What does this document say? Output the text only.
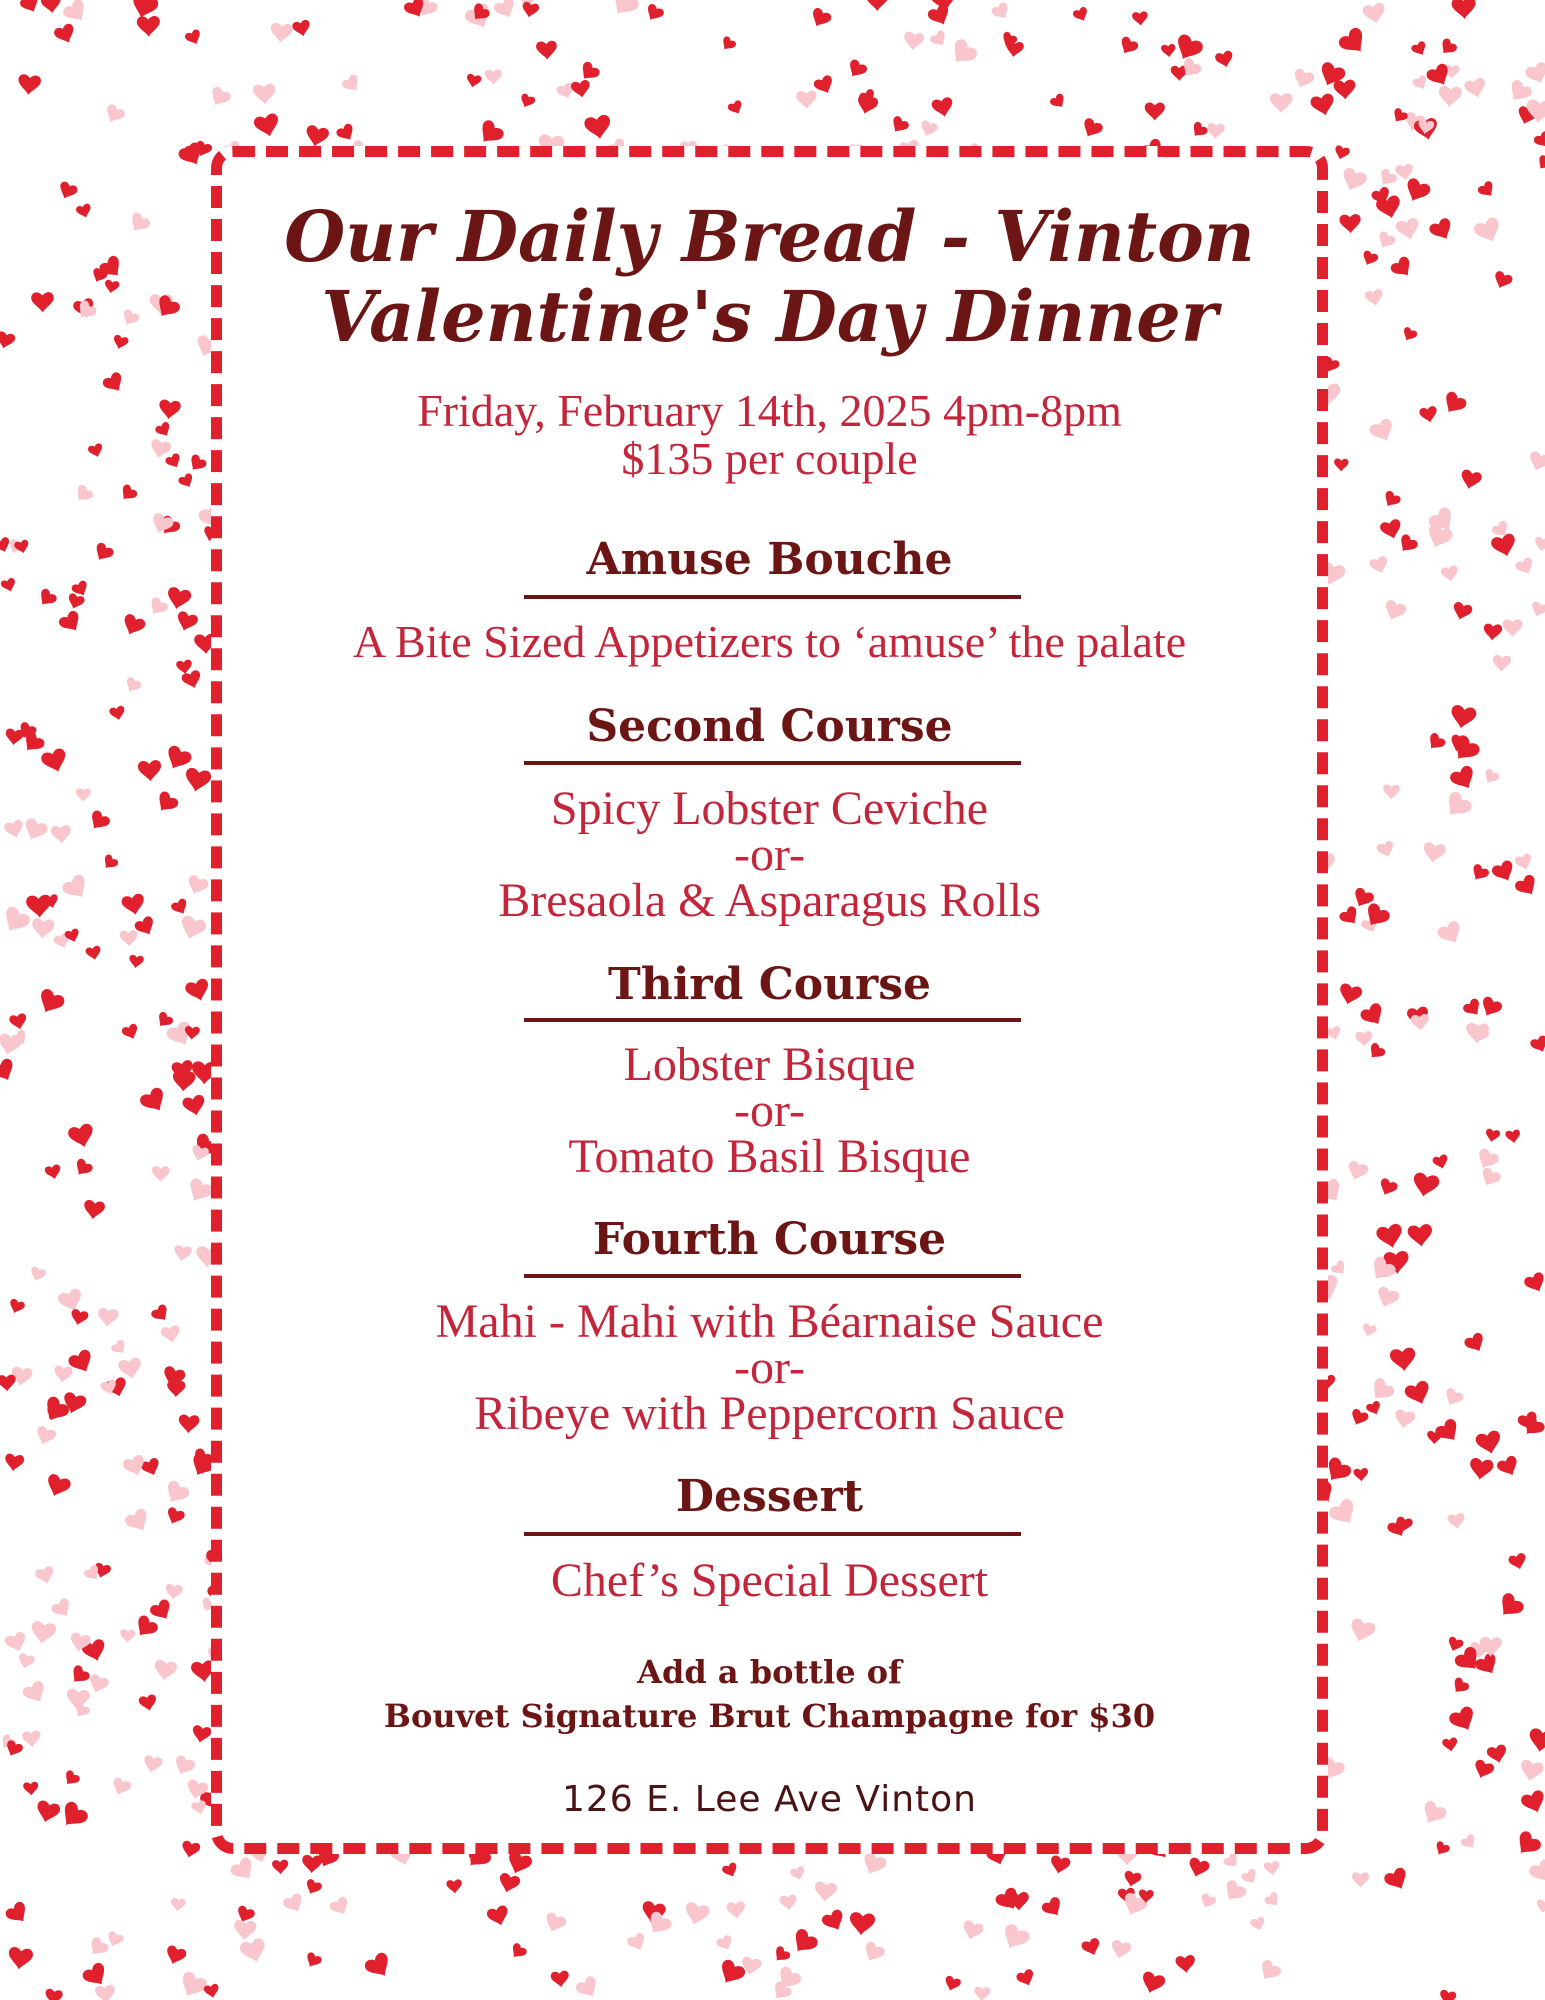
Our Daily Bread - Vinton
Valentine's Day Dinner
Friday, February 14th, 2025 4pm-8pm
$135 per couple
Amuse Bouche
A Bite Sized Appetizers to ‘amuse’ the palate
Second Course
Spicy Lobster Ceviche
-or-
Bresaola & Asparagus Rolls
Third Course
Lobster Bisque
-or-
Tomato Basil Bisque
Fourth Course
Mahi - Mahi with Béarnaise Sauce
-or-
Ribeye with Peppercorn Sauce
Dessert
Chef’s Special Dessert
Add a bottle of
Bouvet Signature Brut Champagne for $30
126 E. Lee Ave Vinton
